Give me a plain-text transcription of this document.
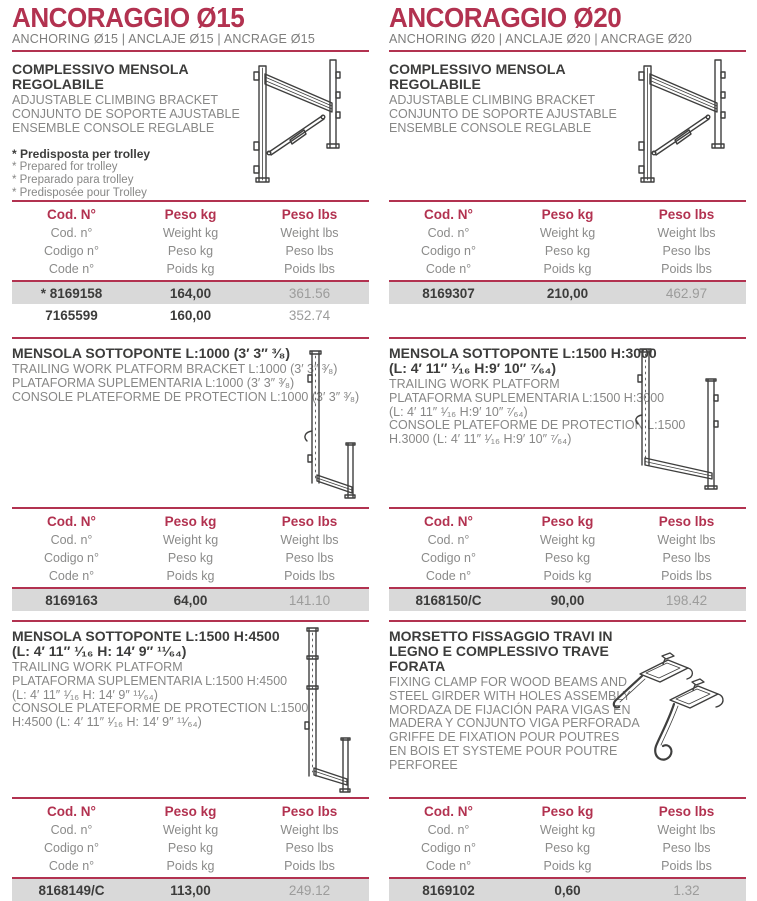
ANCORAGGIO Ø15
ANCHORING Ø15 | ANCLAJE Ø15 | ANCRAGE Ø15
COMPLESSIVO MENSOLA
REGOLABILE
ADJUSTABLE CLIMBING BRACKET
CONJUNTO DE SOPORTE AJUSTABLE
ENSEMBLE CONSOLE REGLABLE
* Predisposta per trolley
* Prepared for trolley
* Preparado para trolley
* Predisposée pour Trolley
Cod. N°	Peso kg	Peso lbs
Cod. n°	Weight kg	Weight lbs
Codigo n°	Peso kg	Peso lbs
Code n°	Poids kg	Poids lbs
* 8169158	164,00	361.56
7165599	160,00	352.74
MENSOLA SOTTOPONTE L:1000 (3′ 3″ ³⁄₈)
TRAILING WORK PLATFORM BRACKET L:1000 (3′ 3″ ³⁄₈)
PLATAFORMA SUPLEMENTARIA L:1000 (3′ 3″ ³⁄₈)
CONSOLE PLATEFORME DE PROTECTION L:1000 (3′ 3″ ³⁄₈)
Cod. N°	Peso kg	Peso lbs
Cod. n°	Weight kg	Weight lbs
Codigo n°	Peso kg	Peso lbs
Code n°	Poids kg	Poids lbs
8169163	64,00	141.10
MENSOLA SOTTOPONTE L:1500 H:4500
(L: 4′ 11″ ¹⁄₁₆ H: 14′ 9″ ¹¹⁄₆₄)
TRAILING WORK PLATFORM
PLATAFORMA SUPLEMENTARIA L:1500 H:4500
(L: 4′ 11″ ¹⁄₁₆ H: 14′ 9″ ¹¹⁄₆₄)
CONSOLE PLATEFORME DE PROTECTION L:1500
H:4500 (L: 4′ 11″ ¹⁄₁₆ H: 14′ 9″ ¹¹⁄₆₄)
Cod. N°	Peso kg	Peso lbs
Cod. n°	Weight kg	Weight lbs
Codigo n°	Peso kg	Peso lbs
Code n°	Poids kg	Poids lbs
8168149/C	113,00	249.12
ANCORAGGIO Ø20
ANCHORING Ø20 | ANCLAJE Ø20 | ANCRAGE Ø20
COMPLESSIVO MENSOLA
REGOLABILE
ADJUSTABLE CLIMBING BRACKET
CONJUNTO DE SOPORTE AJUSTABLE
ENSEMBLE CONSOLE REGLABLE
Cod. N°	Peso kg	Peso lbs
Cod. n°	Weight kg	Weight lbs
Codigo n°	Peso kg	Peso lbs
Code n°	Poids kg	Poids lbs
8169307	210,00	462.97
MENSOLA SOTTOPONTE L:1500 H:3000
(L: 4′ 11″ ¹⁄₁₆ H:9′ 10″ ⁷⁄₆₄)
TRAILING WORK PLATFORM
PLATAFORMA SUPLEMENTARIA L:1500 H:3000
(L: 4′ 11″ ¹⁄₁₆ H:9′ 10″ ⁷⁄₆₄)
CONSOLE PLATEFORME DE PROTECTION L:1500
H.3000 (L: 4′ 11″ ¹⁄₁₆ H:9′ 10″ ⁷⁄₆₄)
Cod. N°	Peso kg	Peso lbs
Cod. n°	Weight kg	Weight lbs
Codigo n°	Peso kg	Peso lbs
Code n°	Poids kg	Poids lbs
8168150/C	90,00	198.42
MORSETTO FISSAGGIO TRAVI IN
LEGNO E COMPLESSIVO TRAVE
FORATA
FIXING CLAMP FOR WOOD BEAMS AND
STEEL GIRDER WITH HOLES ASSEMBLY
MORDAZA DE FIJACIÓN PARA VIGAS EN
MADERA Y CONJUNTO VIGA PERFORADA
GRIFFE DE FIXATION POUR POUTRES
EN BOIS ET SYSTEME POUR POUTRE
PERFOREE
Cod. N°	Peso kg	Peso lbs
Cod. n°	Weight kg	Weight lbs
Codigo n°	Peso kg	Peso lbs
Code n°	Poids kg	Poids lbs
8169102	0,60	1.32
